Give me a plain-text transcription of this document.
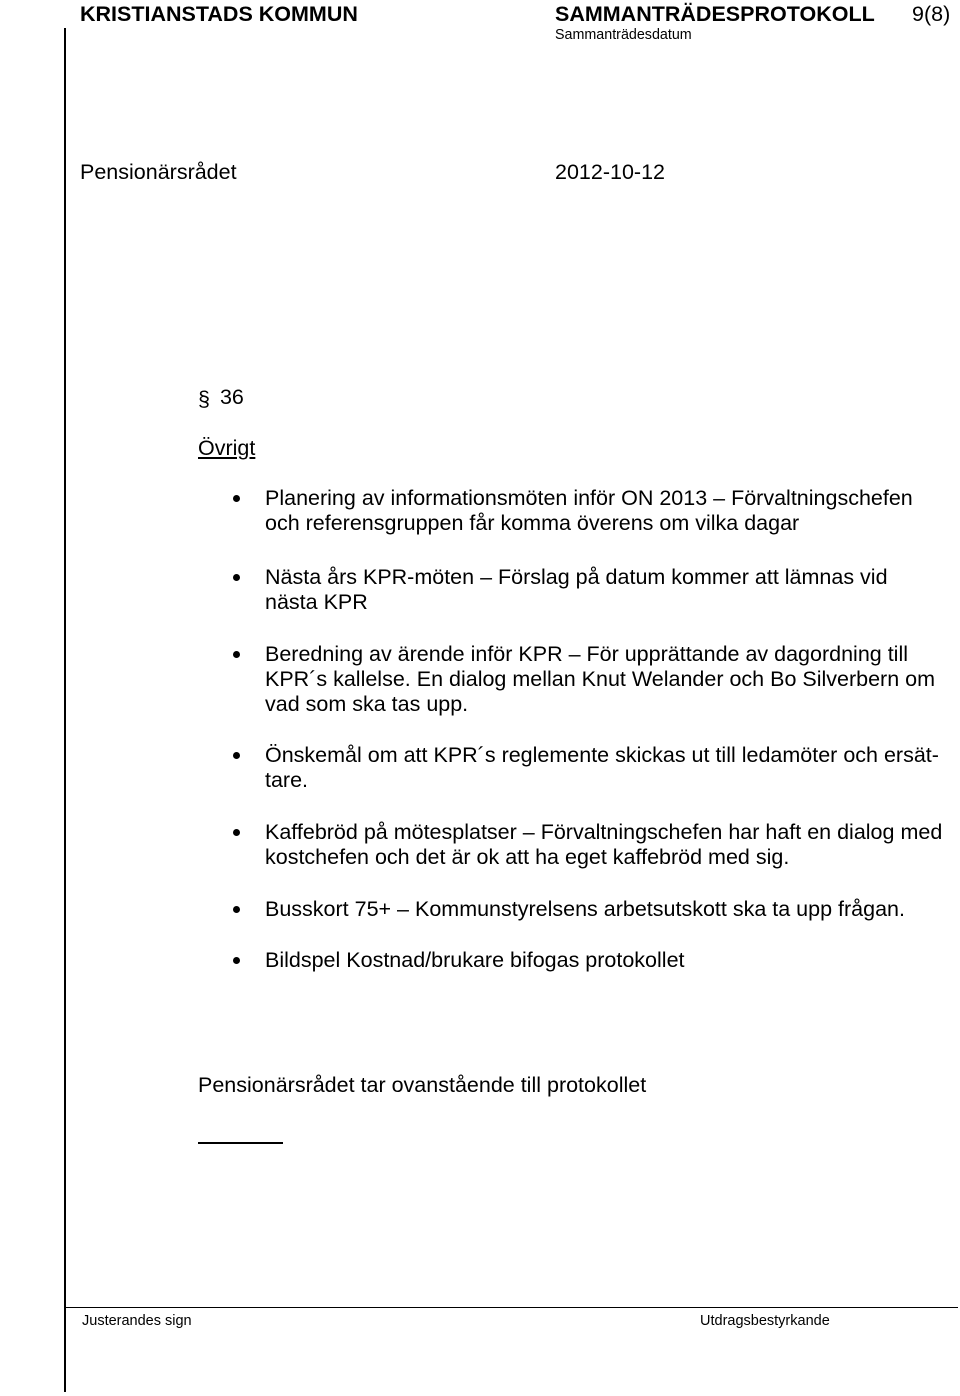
KRISTIANSTADS KOMMUN	SAMMANTRÄDESPROTOKOLL 9(8)
Sammanträdesdatum
Pensionärsrådet	2012-10-12
§ 36
Övrigt
Planering av informationsmöten inför ON 2013 – Förvaltningschefen
och referensgruppen får komma överens om vilka dagar
Nästa års KPR-möten – Förslag på datum kommer att lämnas vid
nästa KPR
Beredning av ärende inför KPR – För upprättande av dagordning till
KPR´s kallelse. En dialog mellan Knut Welander och Bo Silverbern om
vad som ska tas upp.
Önskemål om att KPR´s reglemente skickas ut till ledamöter och ersät-
tare.
Kaffebröd på mötesplatser – Förvaltningschefen har haft en dialog med
kostchefen och det är ok att ha eget kaffebröd med sig.
Busskort 75+ – Kommunstyrelsens arbetsutskott ska ta upp frågan.
Bildspel Kostnad/brukare bifogas protokollet
Pensionärsrådet tar ovanstående till protokollet
Justerandes sign	Utdragsbestyrkande
